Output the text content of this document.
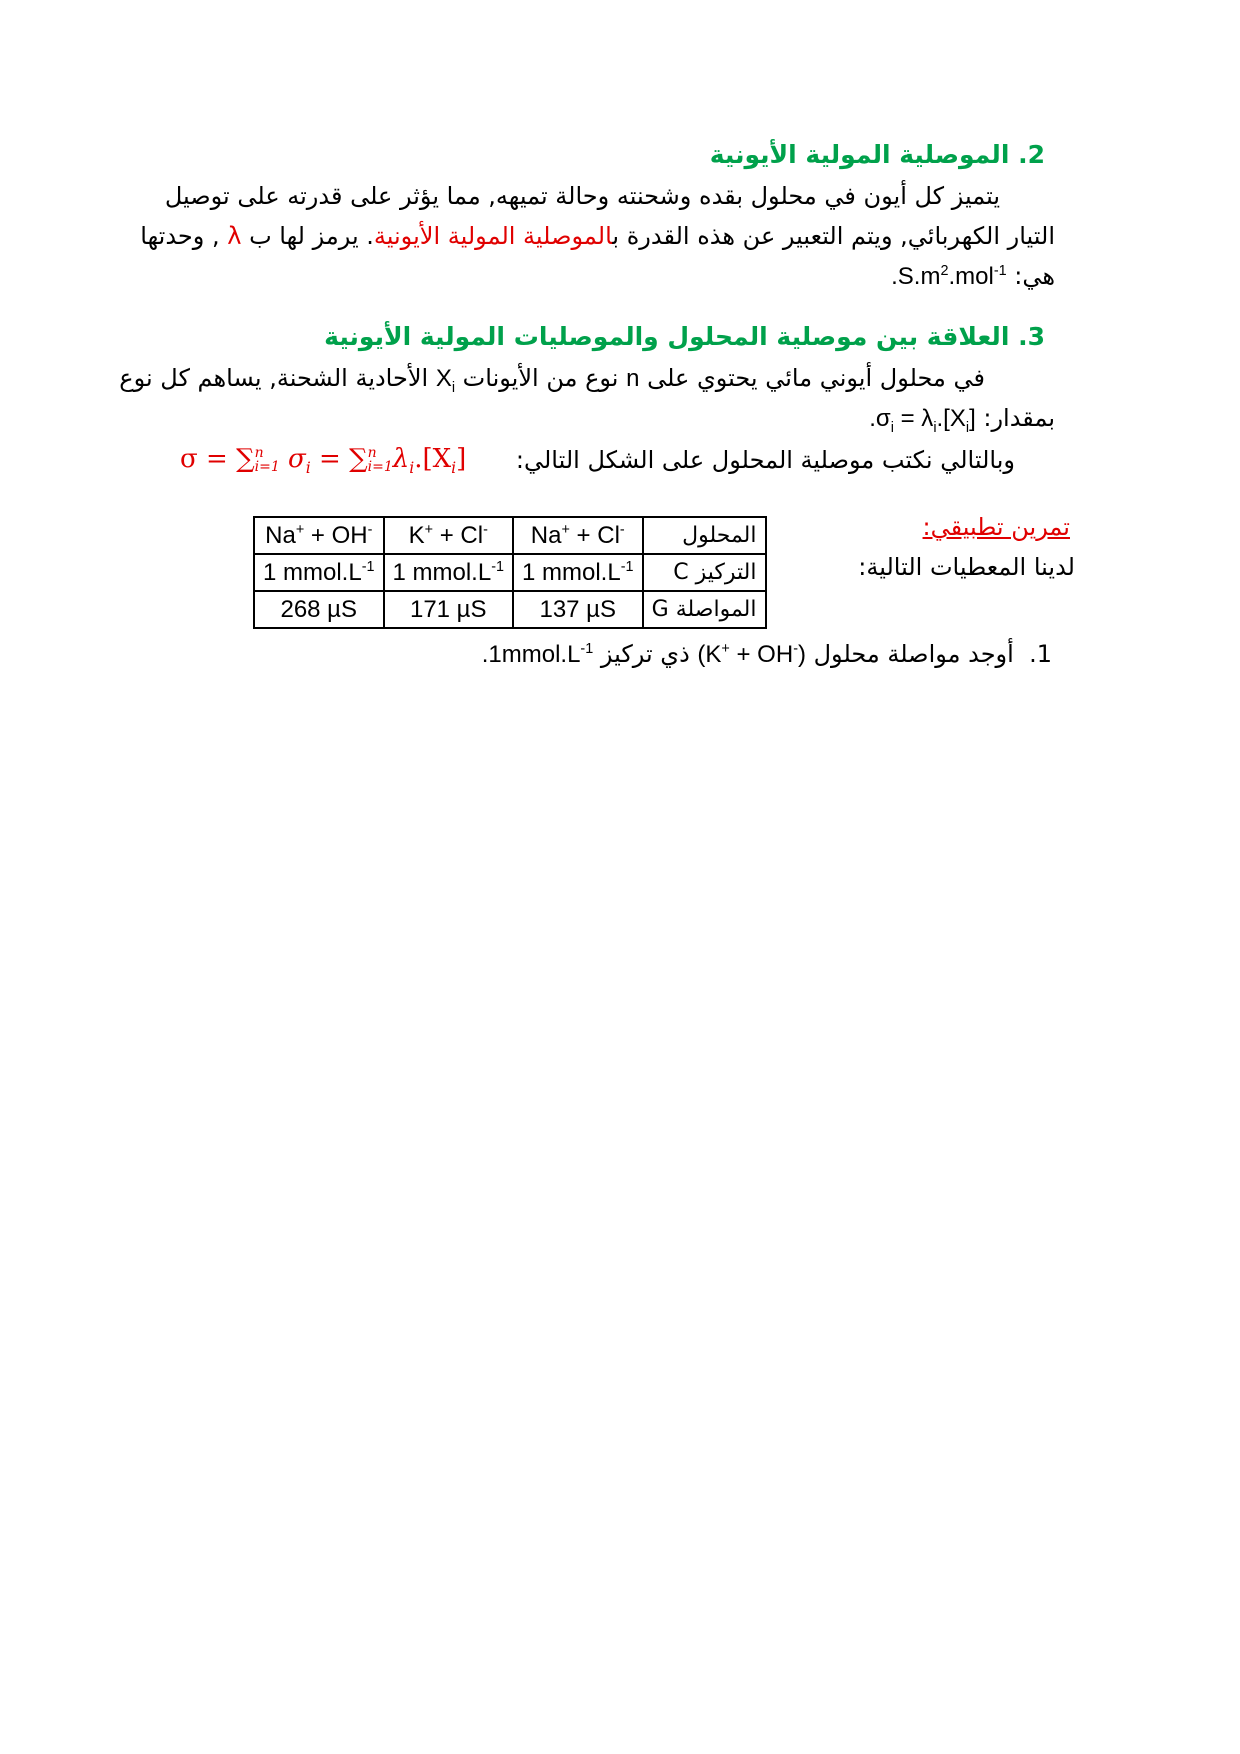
2. الموصلية المولية الأيونية
يتميز كل أيون في محلول بقده وشحنته وحالة تميهه, مما يؤثر على قدرته على توصيل
التيار الكهربائي, ويتم التعبير عن هذه القدرة بالموصلية المولية الأيونية. يرمز لها ب λ , وحدتها
هي: $.S.m^2.mol^{-1}$
3. العلاقة بين موصلية المحلول والموصليات المولية الأيونية
في محلول أيوني مائي يحتوي على n نوع من الأيونات $X_i$ الأحادية الشحنة, يساهم كل نوع
بمقدار: $.\sigma_i = \lambda_i.[X_i]$
وبالتالي نكتب موصلية المحلول على الشكل التالي:
σ = ∑ n
i=1 $\sigma_i$ = ∑ n
i=1 $\lambda_i.[X_i]$
تمرين تطبيقي:
لدينا المعطيات التالية:
Na+ + OH-	K+ + Cl-	Na+ + Cl-	المحلول
1 $mmol.L^{-1}$	1 $mmol.L^{-1}$	1 $mmol.L^{-1}$	التركيز C
268 µS	171 µS	137 µS	المواصلة G
1.  أوجد مواصلة محلول (K+ + OH-) ذي تركيز $.1mmol.L^{-1}$
